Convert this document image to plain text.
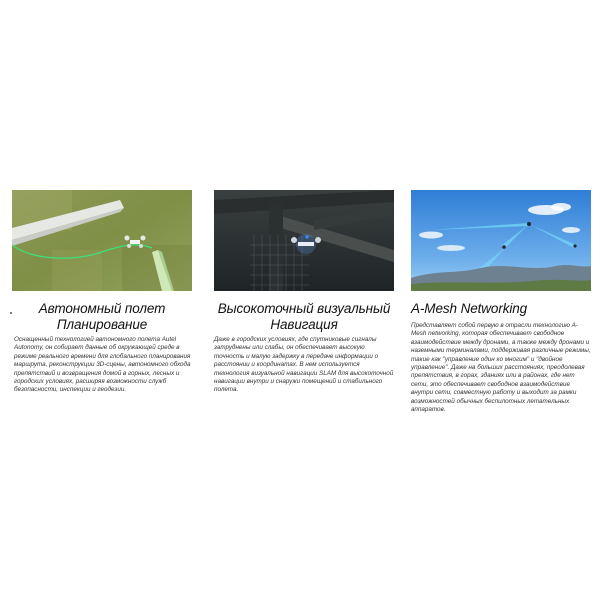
Автономный полет Планирование

Оснащенный технологией автономного полета Autel Autonomy, он собирает данные об окружающей среде в режиме реального времени для глобального планирования маршрута, реконструкции 3D-сцены, автономного обхода препятствий и возвращения домой в горных, лесных и городских условиях, расширяя возможности служб безопасности, инспекции и геодезии.

Высокоточный визуальный Навигация

Даже в городских условиях, где спутниковые сигналы затруднены или слабы, он обеспечивает высокую точность и малую задержку в передаче информации о расстоянии и координатах. В нем используется технология визуальной навигации SLAM для высокоточной навигации внутри и снаружи помещений и стабильного полета.

A-Mesh Networking

Представляет собой первую в отрасли технологию A-Mesh networking, которая обеспечивает свободное взаимодействие между дронами, а также между дронами и наземными терминалами, поддерживая различные режимы, такие как "управление один ко многим" и "двойное управление". Даже на больших расстояниях, преодолевая препятствия, в горах, зданиях или в районах, где нет сети, это обеспечивает свободное взаимодействие внутри сети, совместную работу и выходит за рамки возможностей обычных беспилотных летательных аппаратов.
